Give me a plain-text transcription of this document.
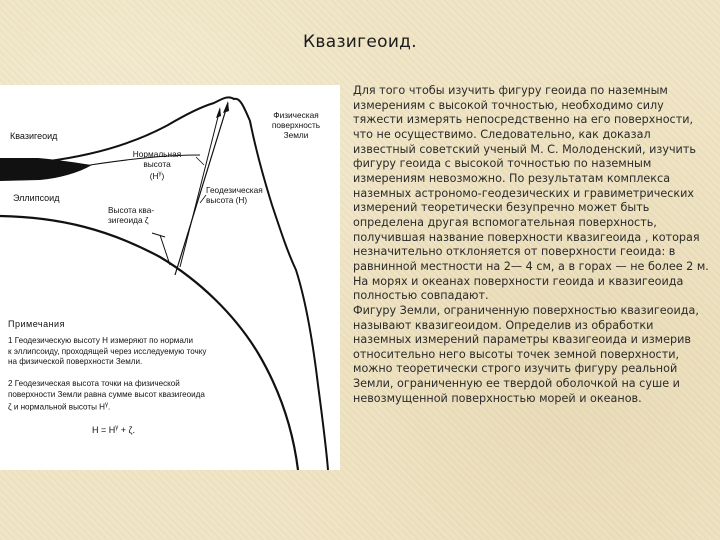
Квазигеоид.
Квазигеоид
Эллипсоид
Нормальная высота
$(H^\gamma)$
Высота ква-
зигеоида ζ
Физическая
поверхность
Земли
Геодезическая
высота (H)
Примечания
1 Геодезическую высоту H измеряют по нормали
к эллипсоиду, проходящей через исследуемую точку
на физической поверхности Земли.
2 Геодезическая высота точки на физической
поверхности Земли равна сумме высот квазигеоида
ζ и нормальной высоты $H^\gamma$.
$H = H^\gamma + \zeta$.

Для того чтобы изучить фигуру геоида по наземным измерениям с высокой точностью, необходимо силу тяжести измерять непосредственно на его поверхности, что не осуществимо. Следовательно, как доказал известный советский ученый М. С. Молоденский, изучить фигуру геоида с высокой точностью по наземным измерениям невозможно. По результатам комплекса

наземных астрономо-геодезических и гравиметрических измерений теоретически безупречно может быть определена другая вспомогательная поверхность, получившая название поверхности квазигеоида , которая незначительно отклоняется от поверхности геоида: в равнинной местности на 2— 4 см, а в горах — не более 2 м. На морях и океанах поверхности геоида и квазигеоида полностью совпадают.

Фигуру Земли, ограниченную поверхностью квазигеоида, называют квазигеоидом. Определив из обработки наземных измерений параметры квазигеоида и измерив относительно него высоты точек земной поверхности, можно теоретически строго изучить фигуру реальной Земли, ограниченную ее твердой оболочкой на суше и невозмущенной поверхностью морей и океанов.
